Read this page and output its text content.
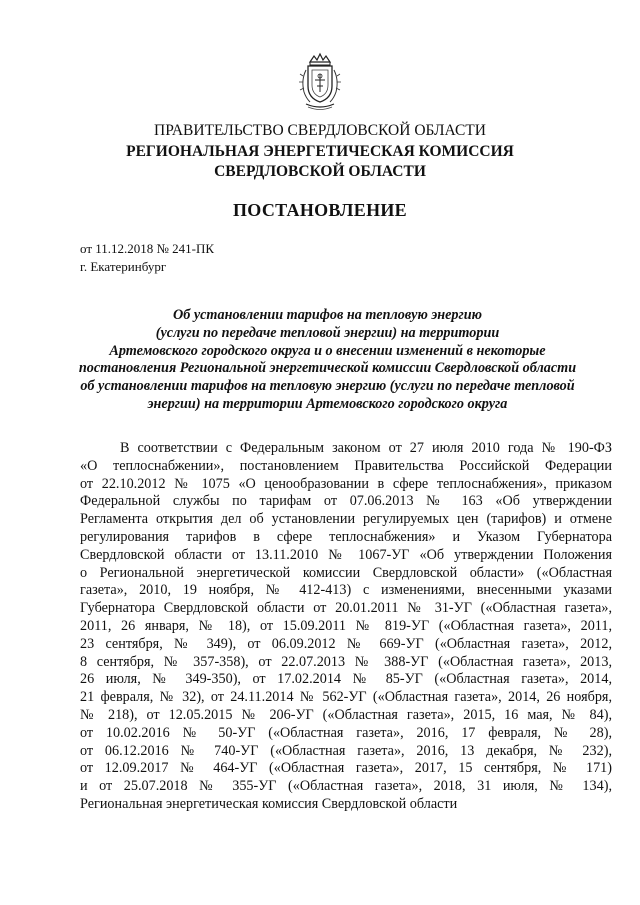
ПРАВИТЕЛЬСТВО СВЕРДЛОВСКОЙ ОБЛАСТИ
РЕГИОНАЛЬНАЯ ЭНЕРГЕТИЧЕСКАЯ КОМИССИЯ
СВЕРДЛОВСКОЙ ОБЛАСТИ
ПОСТАНОВЛЕНИЕ
от 11.12.2018 № 241-ПК
г. Екатеринбург
Об установлении тарифов на тепловую энергию
(услуги по передаче тепловой энергии) на территории
Артемовского городского округа и о внесении изменений в некоторые
постановления Региональной энергетической комиссии Свердловской области
об установлении тарифов на тепловую энергию (услуги по передаче тепловой
энергии) на территории Артемовского городского округа
В соответствии с Федеральным законом от 27 июля 2010 года № 190-ФЗ
«О теплоснабжении», постановлением Правительства Российской Федерации
от 22.10.2012 № 1075 «О ценообразовании в сфере теплоснабжения», приказом
Федеральной службы по тарифам от 07.06.2013 № 163 «Об утверждении
Регламента открытия дел об установлении регулируемых цен (тарифов) и отмене
регулирования тарифов в сфере теплоснабжения» и Указом Губернатора
Свердловской области от 13.11.2010 № 1067-УГ «Об утверждении Положения
о Региональной энергетической комиссии Свердловской области» («Областная
газета», 2010, 19 ноября, № 412-413) с изменениями, внесенными указами
Губернатора Свердловской области от 20.01.2011 № 31-УГ («Областная газета»,
2011, 26 января, № 18), от 15.09.2011 № 819-УГ («Областная газета», 2011,
23 сентября, № 349), от 06.09.2012 № 669-УГ («Областная газета», 2012,
8 сентября, № 357-358), от 22.07.2013 № 388-УГ («Областная газета», 2013,
26 июля, № 349-350), от 17.02.2014 № 85-УГ («Областная газета», 2014,
21 февраля, № 32), от 24.11.2014 № 562-УГ («Областная газета», 2014, 26 ноября,
№ 218), от 12.05.2015 № 206-УГ («Областная газета», 2015, 16 мая, № 84),
от 10.02.2016 № 50-УГ («Областная газета», 2016, 17 февраля, № 28),
от 06.12.2016 № 740-УГ («Областная газета», 2016, 13 декабря, № 232),
от 12.09.2017 № 464-УГ («Областная газета», 2017, 15 сентября, № 171)
и от 25.07.2018 № 355-УГ («Областная газета», 2018, 31 июля, № 134),
Региональная энергетическая комиссия Свердловской области
